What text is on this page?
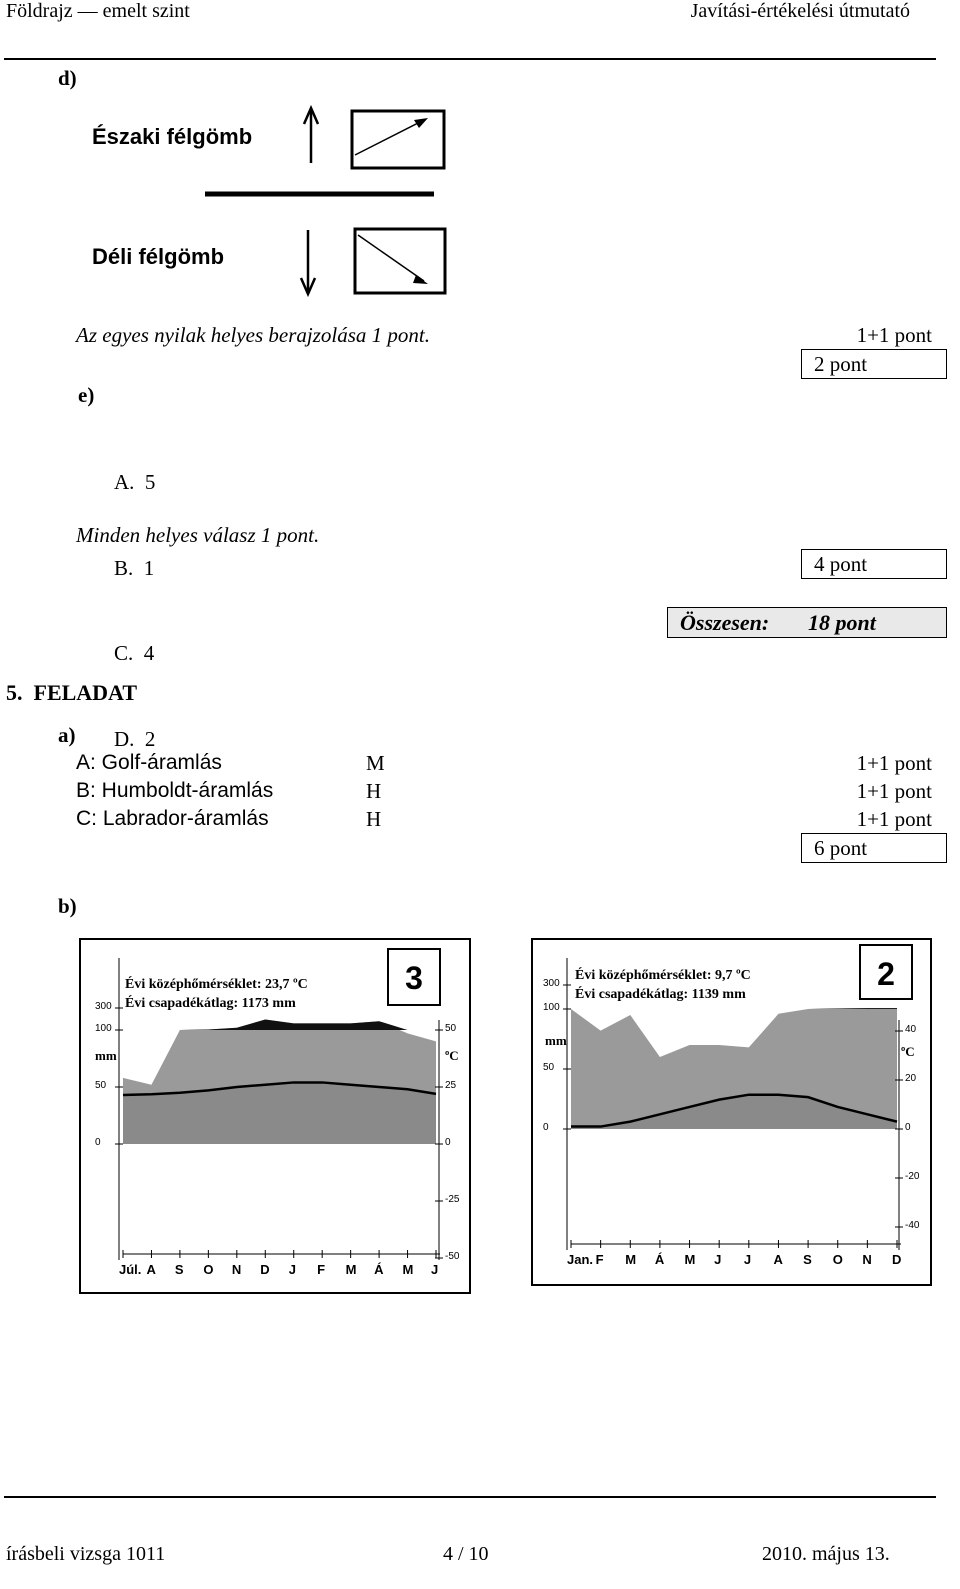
Földrajz — emelt szint	Javítási-értékelési útmutató
d)
Északi félgömb
Déli félgömb
Az egyes nyilak helyes berajzolása 1 pont.	1+1 pont
2 pont
e)

A.  5

B.  1

C.  4

D.  2

Minden helyes válasz 1 pont.
4 pont
Összesen: 18 pont
5.  FELADAT
a)
A: Golf-áramlás	M	1+1 pont
B: Humboldt-áramlás	H	1+1 pont
C: Labrador-áramlás	H	1+1 pont
6 pont
b)
3
Évi középhőmérséklet: 23,7 ºC
Évi csapadékátlag: 1173 mm
mm	ºC
Júl. A S O N D J F M Á M J
0
50
100
300
50
25
0
-25
-50
2
Évi középhőmérséklet: 9,7 ºC
Évi csapadékátlag: 1139 mm
mm
ºC
Jan. F M Á M J J A S O N D
0
50
100
300
40
20
0
-20
-40
írásbeli vizsga 1011	4 / 10	2010. május 13.
